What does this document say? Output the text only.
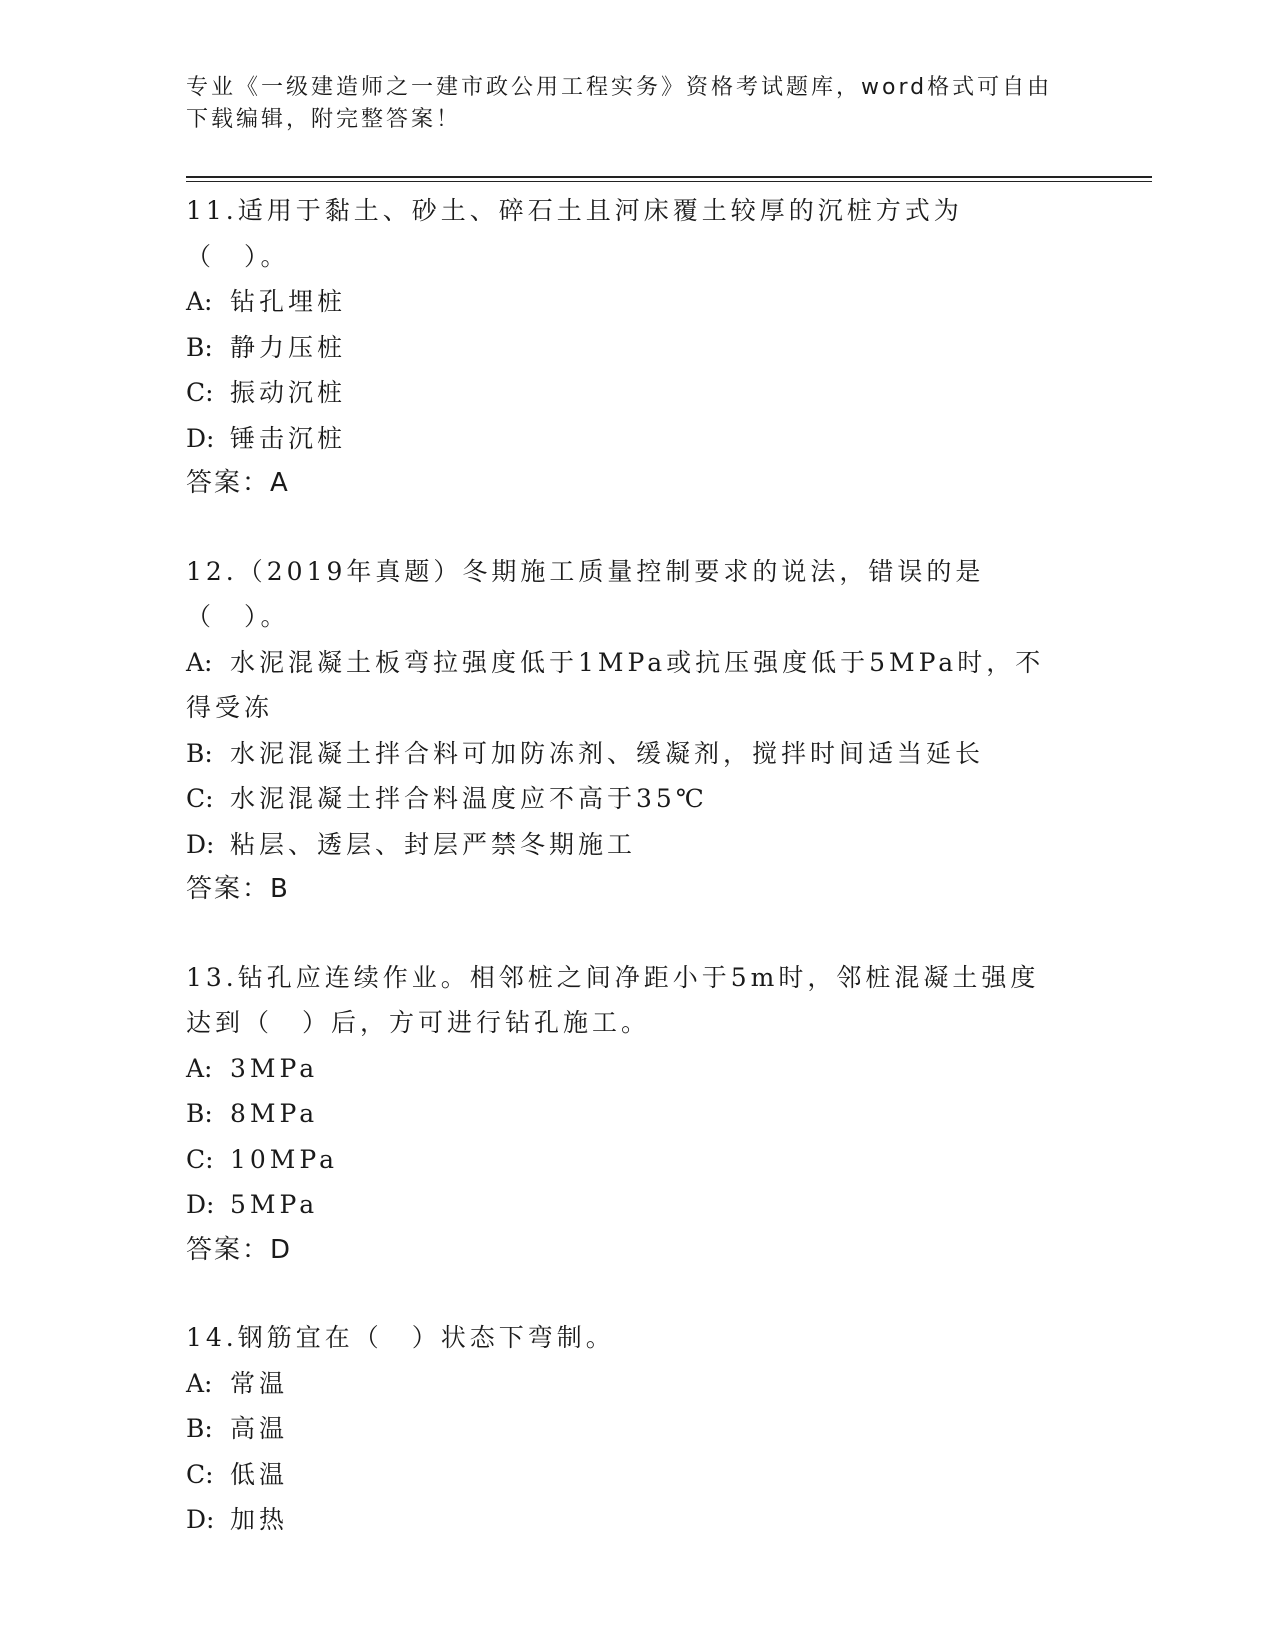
专业《一级建造师之一建市政公用工程实务》资格考试题库，word格式可自由下载编辑，附完整答案！
11.适用于黏土、砂土、碎石土且河床覆土较厚的沉桩方式为（　）。
A: 钻孔埋桩
B: 静力压桩
C: 振动沉桩
D: 锤击沉桩
答案：A
12.（2019年真题）冬期施工质量控制要求的说法，错误的是（　）。
A: 水泥混凝土板弯拉强度低于1MPa或抗压强度低于5MPa时，不得受冻
B: 水泥混凝土拌合料可加防冻剂、缓凝剂，搅拌时间适当延长
C: 水泥混凝土拌合料温度应不高于35℃
D: 粘层、透层、封层严禁冬期施工
答案：B
13.钻孔应连续作业。相邻桩之间净距小于5m时，邻桩混凝土强度达到（　）后，方可进行钻孔施工。
A: 3MPa
B: 8MPa
C: 10MPa
D: 5MPa
答案：D
14.钢筋宜在（　）状态下弯制。
A: 常温
B: 高温
C: 低温
D: 加热
